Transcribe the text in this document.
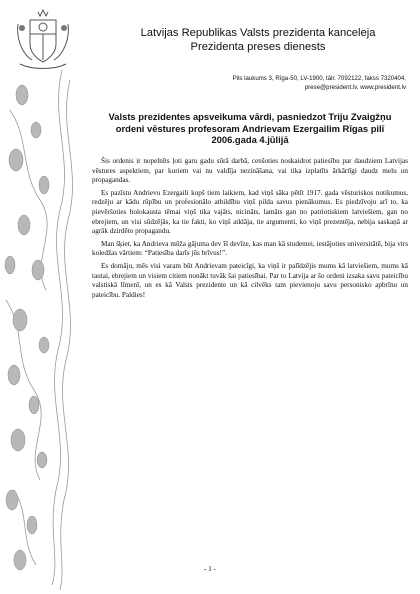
Latvijas Republikas Valsts prezidenta kanceleja
Prezidenta preses dienests
Pils laukums 3, Rīga-50, LV-1900, tālr. 7092122, fakss 7320404,
prese@president.lv, www.president.lv
Valsts prezidentes apsveikuma vārdi, pasniedzot Triju Zvaigžņu
ordeni vēstures profesoram Andrievam Ezergailim Rīgas pilī
2006.gada 4.jūlijā

Šis ordenis ir nopelnīts ļoti garu gadu sūrā darbā, cenšoties noskaidrot patiesību par daudziem Latvijas vēstures aspektiem, par kuriem vai nu valdīja nezināšana, vai tika izplatīts ārkārtīgi daudz melu un propagandas.

Es pazīstu Andrievu Ezergaili kopš tiem laikiem, kad viņš sāka pētīt 1917. gada vēsturiskos notikumus, redzēju ar kādu rūpību un profesionālo atbildību viņš pilda savus pienākumus. Es piedzīvoju arī to, ka pievēršoties holokausta tēmai viņš tika vajāts, nicināts, lamāts gan no patriotiskiem latviešiem, gan no ebrejiem, un visi sūdzējās, ka tie fakti, ko viņš atklāja, tie argumenti, ko viņš prezentēja, nebija saskaņā ar agrāk dzirdēto propagandu.

Man šķiet, ka Andrieva mūža gājuma dev īš devīze, kas man kā studentei, iestājoties universitātē, bija virs koledžas vārtiem: “Patiesība darīs jūs brīvus!”.

Es domāju, mēs visi varam būt Andrievam pateicīgi, ka viņš ir palīdzējis mums kā latviešiem, mums kā tautai, ebrejiem un visiem citiem nonākt tuvāk šai patiesībai. Par to Latvija ar šo ordeni izsaka savu pateicību valstiskā līmenī, un es kā Valsts prezidente un kā cilvēks tam pievienoju savu personisko apbrīnu un pateicību. Paldies!

- 1 -
